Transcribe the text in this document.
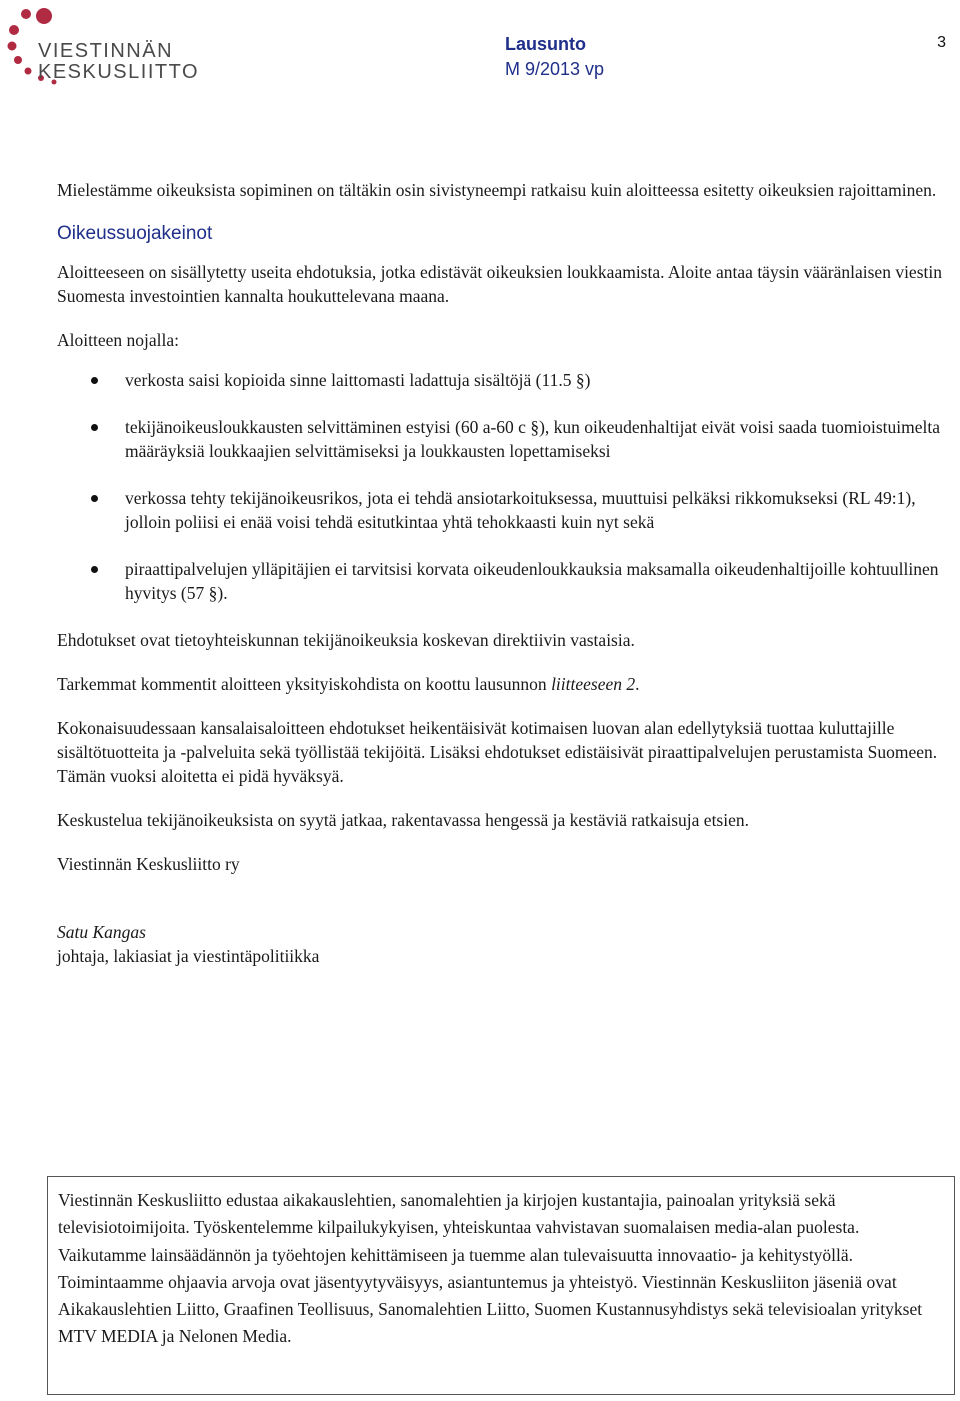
VIESTINNÄN
KESKUSLIITTO
Lausunto
M 9/2013 vp
3

Mielestämme oikeuksista sopiminen on tältäkin osin sivistyneempi ratkaisu kuin aloitteessa esitetty oikeuksien rajoittaminen.

Oikeussuojakeinot

Aloitteeseen on sisällytetty useita ehdotuksia, jotka edistävät oikeuksien loukkaamista. Aloite antaa täysin vääränlaisen viestin Suomesta investointien kannalta houkuttelevana maana.

Aloitteen nojalla:

verkosta saisi kopioida sinne laittomasti ladattuja sisältöjä (11.5 §)
tekijänoikeusloukkausten selvittäminen estyisi (60 a-60 c §), kun oikeudenhaltijat eivät voisi saada tuomioistuimelta määräyksiä loukkaajien selvittämiseksi ja loukkausten lopettamiseksi
verkossa tehty tekijänoikeusrikos, jota ei tehdä ansiotarkoituksessa, muuttuisi pelkäksi rikkomukseksi (RL 49:1), jolloin poliisi ei enää voisi tehdä esitutkintaa yhtä tehokkaasti kuin nyt sekä
piraattipalvelujen ylläpitäjien ei tarvitsisi korvata oikeudenloukkauksia maksamalla oikeudenhaltijoille kohtuullinen hyvitys (57 §).

Ehdotukset ovat tietoyhteiskunnan tekijänoikeuksia koskevan direktiivin vastaisia.

Tarkemmat kommentit aloitteen yksityiskohdista on koottu lausunnon liitteeseen 2.

Kokonaisuudessaan kansalaisaloitteen ehdotukset heikentäisivät kotimaisen luovan alan edellytyksiä tuottaa kuluttajille sisältötuotteita ja -palveluita sekä työllistää tekijöitä. Lisäksi ehdotukset edistäisivät piraattipalvelujen perustamista Suomeen. Tämän vuoksi aloitetta ei pidä hyväksyä.

Keskustelua tekijänoikeuksista on syytä jatkaa, rakentavassa hengessä ja kestäviä ratkaisuja etsien.

Viestinnän Keskusliitto ry

Satu Kangas
johtaja, lakiasiat ja viestintäpolitiikka
Viestinnän Keskusliitto edustaa aikakauslehtien, sanomalehtien ja kirjojen kustantajia, painoalan yrityksiä sekä televisiotoimijoita. Työskentelemme kilpailukykyisen, yhteiskuntaa vahvistavan suomalaisen media-alan puolesta. Vaikutamme lainsäädännön ja työehtojen kehittämiseen ja tuemme alan tulevaisuutta innovaatio- ja kehitystyöllä. Toimintaamme ohjaavia arvoja ovat jäsentyytyväisyys, asiantuntemus ja yhteistyö. Viestinnän Keskusliiton jäseniä ovat Aikakauslehtien Liitto, Graafinen Teollisuus, Sanomalehtien Liitto, Suomen Kustannusyhdistys sekä televisioalan yritykset MTV MEDIA ja Nelonen Media.
